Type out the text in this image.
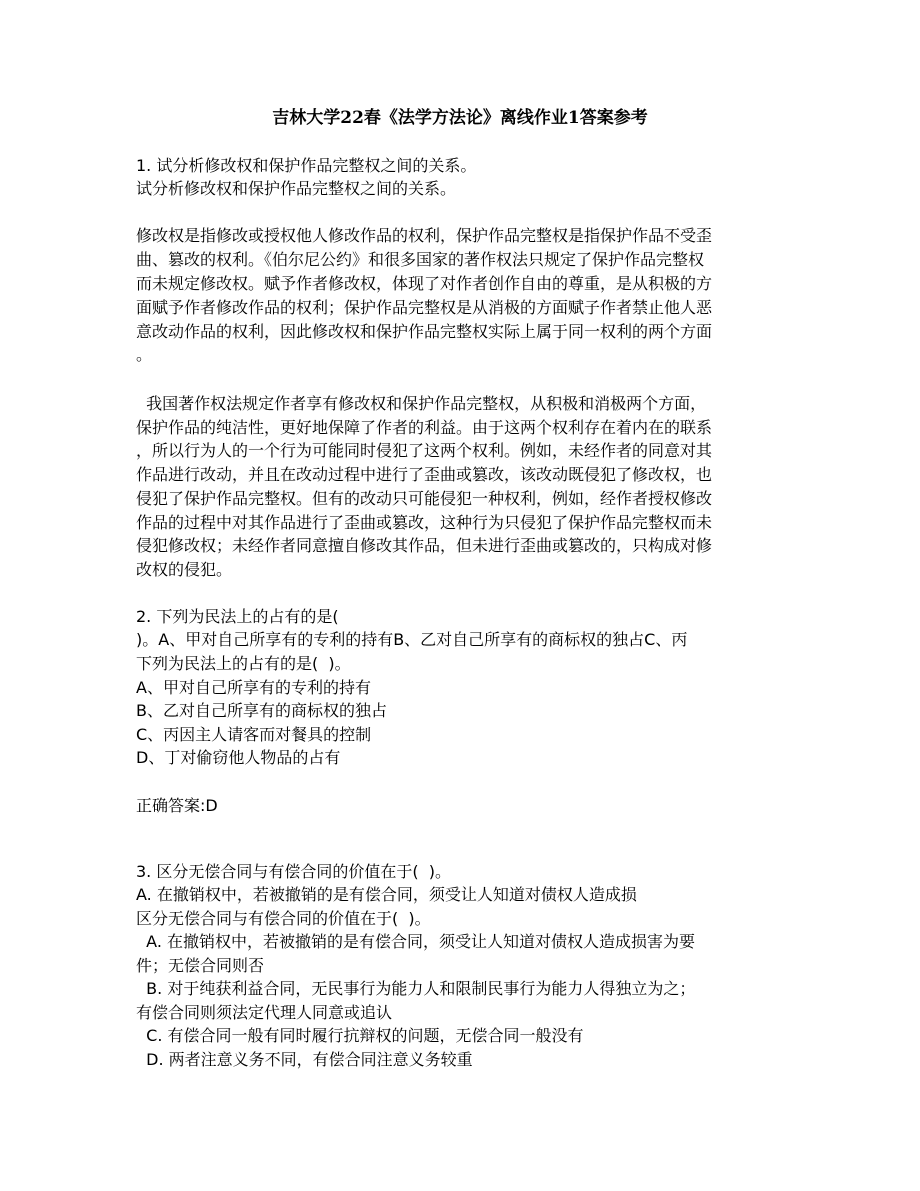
吉林大学22春《法学方法论》离线作业1答案参考

1. 试分析修改权和保护作品完整权之间的关系。

试分析修改权和保护作品完整权之间的关系。

修改权是指修改或授权他人修改作品的权利，保护作品完整权是指保护作品不受歪

曲、篡改的权利。《伯尔尼公约》和很多国家的著作权法只规定了保护作品完整权

而未规定修改权。赋予作者修改权，体现了对作者创作自由的尊重，是从积极的方

面赋予作者修改作品的权利；保护作品完整权是从消极的方面赋子作者禁止他人恶

意改动作品的权利，因此修改权和保护作品完整权实际上属于同一权利的两个方面

。

我国著作权法规定作者享有修改权和保护作品完整权，从积极和消极两个方面，

保护作品的纯洁性，更好地保障了作者的利益。由于这两个权利存在着内在的联系

，所以行为人的一个行为可能同时侵犯了这两个权利。例如，未经作者的同意对其

作品进行改动，并且在改动过程中进行了歪曲或篡改，该改动既侵犯了修改权，也

侵犯了保护作品完整权。但有的改动只可能侵犯一种权利，例如，经作者授权修改

作品的过程中对其作品进行了歪曲或篡改，这种行为只侵犯了保护作品完整权而未

侵犯修改权；未经作者同意擅自修改其作品，但未进行歪曲或篡改的，只构成对修

改权的侵犯。

2. 下列为民法上的占有的是(

)。A、甲对自己所享有的专利的持有B、乙对自己所享有的商标权的独占C、丙

下列为民法上的占有的是(  )。

A、甲对自己所享有的专利的持有

B、乙对自己所享有的商标权的独占

C、丙因主人请客而对餐具的控制

D、丁对偷窃他人物品的占有

正确答案:D

3. 区分无偿合同与有偿合同的价值在于(  )。

A. 在撤销权中，若被撤销的是有偿合同，须受让人知道对债权人造成损

区分无偿合同与有偿合同的价值在于(  )。

A. 在撤销权中，若被撤销的是有偿合同，须受让人知道对债权人造成损害为要

件；无偿合同则否

B. 对于纯获利益合同，无民事行为能力人和限制民事行为能力人得独立为之；

有偿合同则须法定代理人同意或追认

C. 有偿合同一般有同时履行抗辩权的问题，无偿合同一般没有

D. 两者注意义务不同，有偿合同注意义务较重
